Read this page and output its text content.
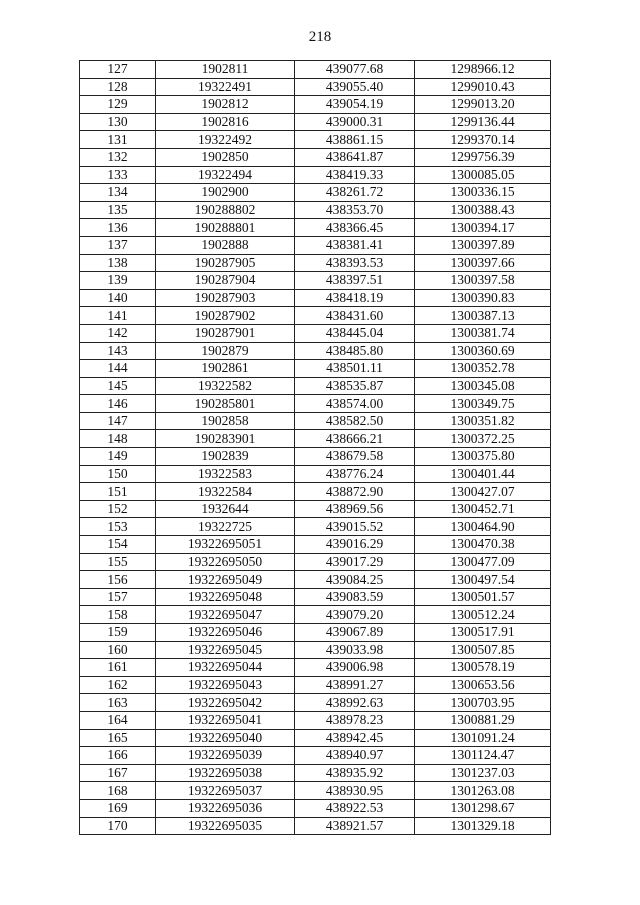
218
127	1902811	439077.68	1298966.12
128	19322491	439055.40	1299010.43
129	1902812	439054.19	1299013.20
130	1902816	439000.31	1299136.44
131	19322492	438861.15	1299370.14
132	1902850	438641.87	1299756.39
133	19322494	438419.33	1300085.05
134	1902900	438261.72	1300336.15
135	190288802	438353.70	1300388.43
136	190288801	438366.45	1300394.17
137	1902888	438381.41	1300397.89
138	190287905	438393.53	1300397.66
139	190287904	438397.51	1300397.58
140	190287903	438418.19	1300390.83
141	190287902	438431.60	1300387.13
142	190287901	438445.04	1300381.74
143	1902879	438485.80	1300360.69
144	1902861	438501.11	1300352.78
145	19322582	438535.87	1300345.08
146	190285801	438574.00	1300349.75
147	1902858	438582.50	1300351.82
148	190283901	438666.21	1300372.25
149	1902839	438679.58	1300375.80
150	19322583	438776.24	1300401.44
151	19322584	438872.90	1300427.07
152	1932644	438969.56	1300452.71
153	19322725	439015.52	1300464.90
154	19322695051	439016.29	1300470.38
155	19322695050	439017.29	1300477.09
156	19322695049	439084.25	1300497.54
157	19322695048	439083.59	1300501.57
158	19322695047	439079.20	1300512.24
159	19322695046	439067.89	1300517.91
160	19322695045	439033.98	1300507.85
161	19322695044	439006.98	1300578.19
162	19322695043	438991.27	1300653.56
163	19322695042	438992.63	1300703.95
164	19322695041	438978.23	1300881.29
165	19322695040	438942.45	1301091.24
166	19322695039	438940.97	1301124.47
167	19322695038	438935.92	1301237.03
168	19322695037	438930.95	1301263.08
169	19322695036	438922.53	1301298.67
170	19322695035	438921.57	1301329.18
